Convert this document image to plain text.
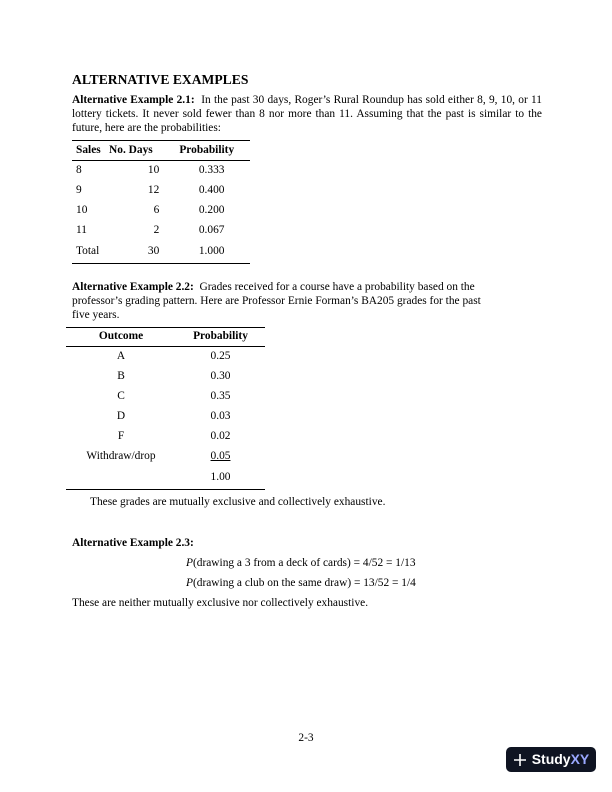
ALTERNATIVE EXAMPLES
Alternative Example 2.1: In the past 30 days, Roger’s Rural Roundup has sold either 8, 9, 10, or 11 lottery tickets. It never sold fewer than 8 nor more than 11. Assuming that the past is similar to the future, here are the probabilities:
Sales	No. Days	Probability
8	10	0.333
9	12	0.400
10	6	0.200
11	2	0.067
Total	30	1.000
Alternative Example 2.2: Grades received for a course have a probability based on the professor’s grading pattern. Here are Professor Ernie Forman’s BA205 grades for the past five years.
Outcome	Probability
A	0.25
B	0.30
C	0.35
D	0.03
F	0.02
Withdraw/drop	0.05
	1.00
These grades are mutually exclusive and collectively exhaustive.
Alternative Example 2.3:
P(drawing a 3 from a deck of cards) = 4/52 = 1/13
P(drawing a club on the same draw) = 13/52 = 1/4
These are neither mutually exclusive nor collectively exhaustive.
2-3
StudyXY
